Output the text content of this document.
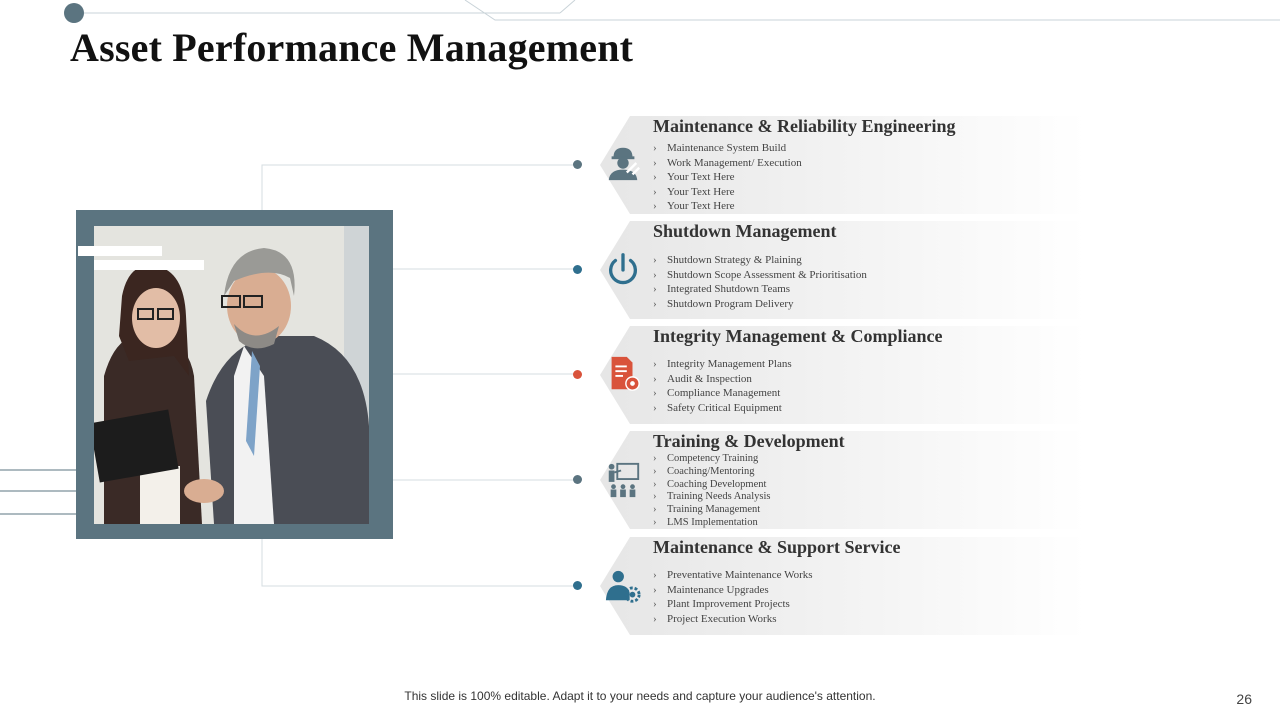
Asset Performance Management
Maintenance & Reliability Engineering
› Maintenance System Build
› Work Management/ Execution
› Your Text Here
› Your Text Here
› Your Text Here
Shutdown Management
› Shutdown Strategy & Plaining
› Shutdown Scope Assessment & Prioritisation
› Integrated Shutdown Teams
› Shutdown Program Delivery
Integrity Management & Compliance
› Integrity Management Plans
› Audit & Inspection
› Compliance Management
› Safety Critical Equipment
Training & Development
› Competency Training
› Coaching/Mentoring
› Coaching Development
› Training Needs Analysis
› Training Management
› LMS Implementation
Maintenance & Support Service
› Preventative Maintenance Works
› Maintenance Upgrades
› Plant Improvement Projects
› Project Execution Works
This slide is 100% editable. Adapt it to your needs and capture your audience's attention.	26
